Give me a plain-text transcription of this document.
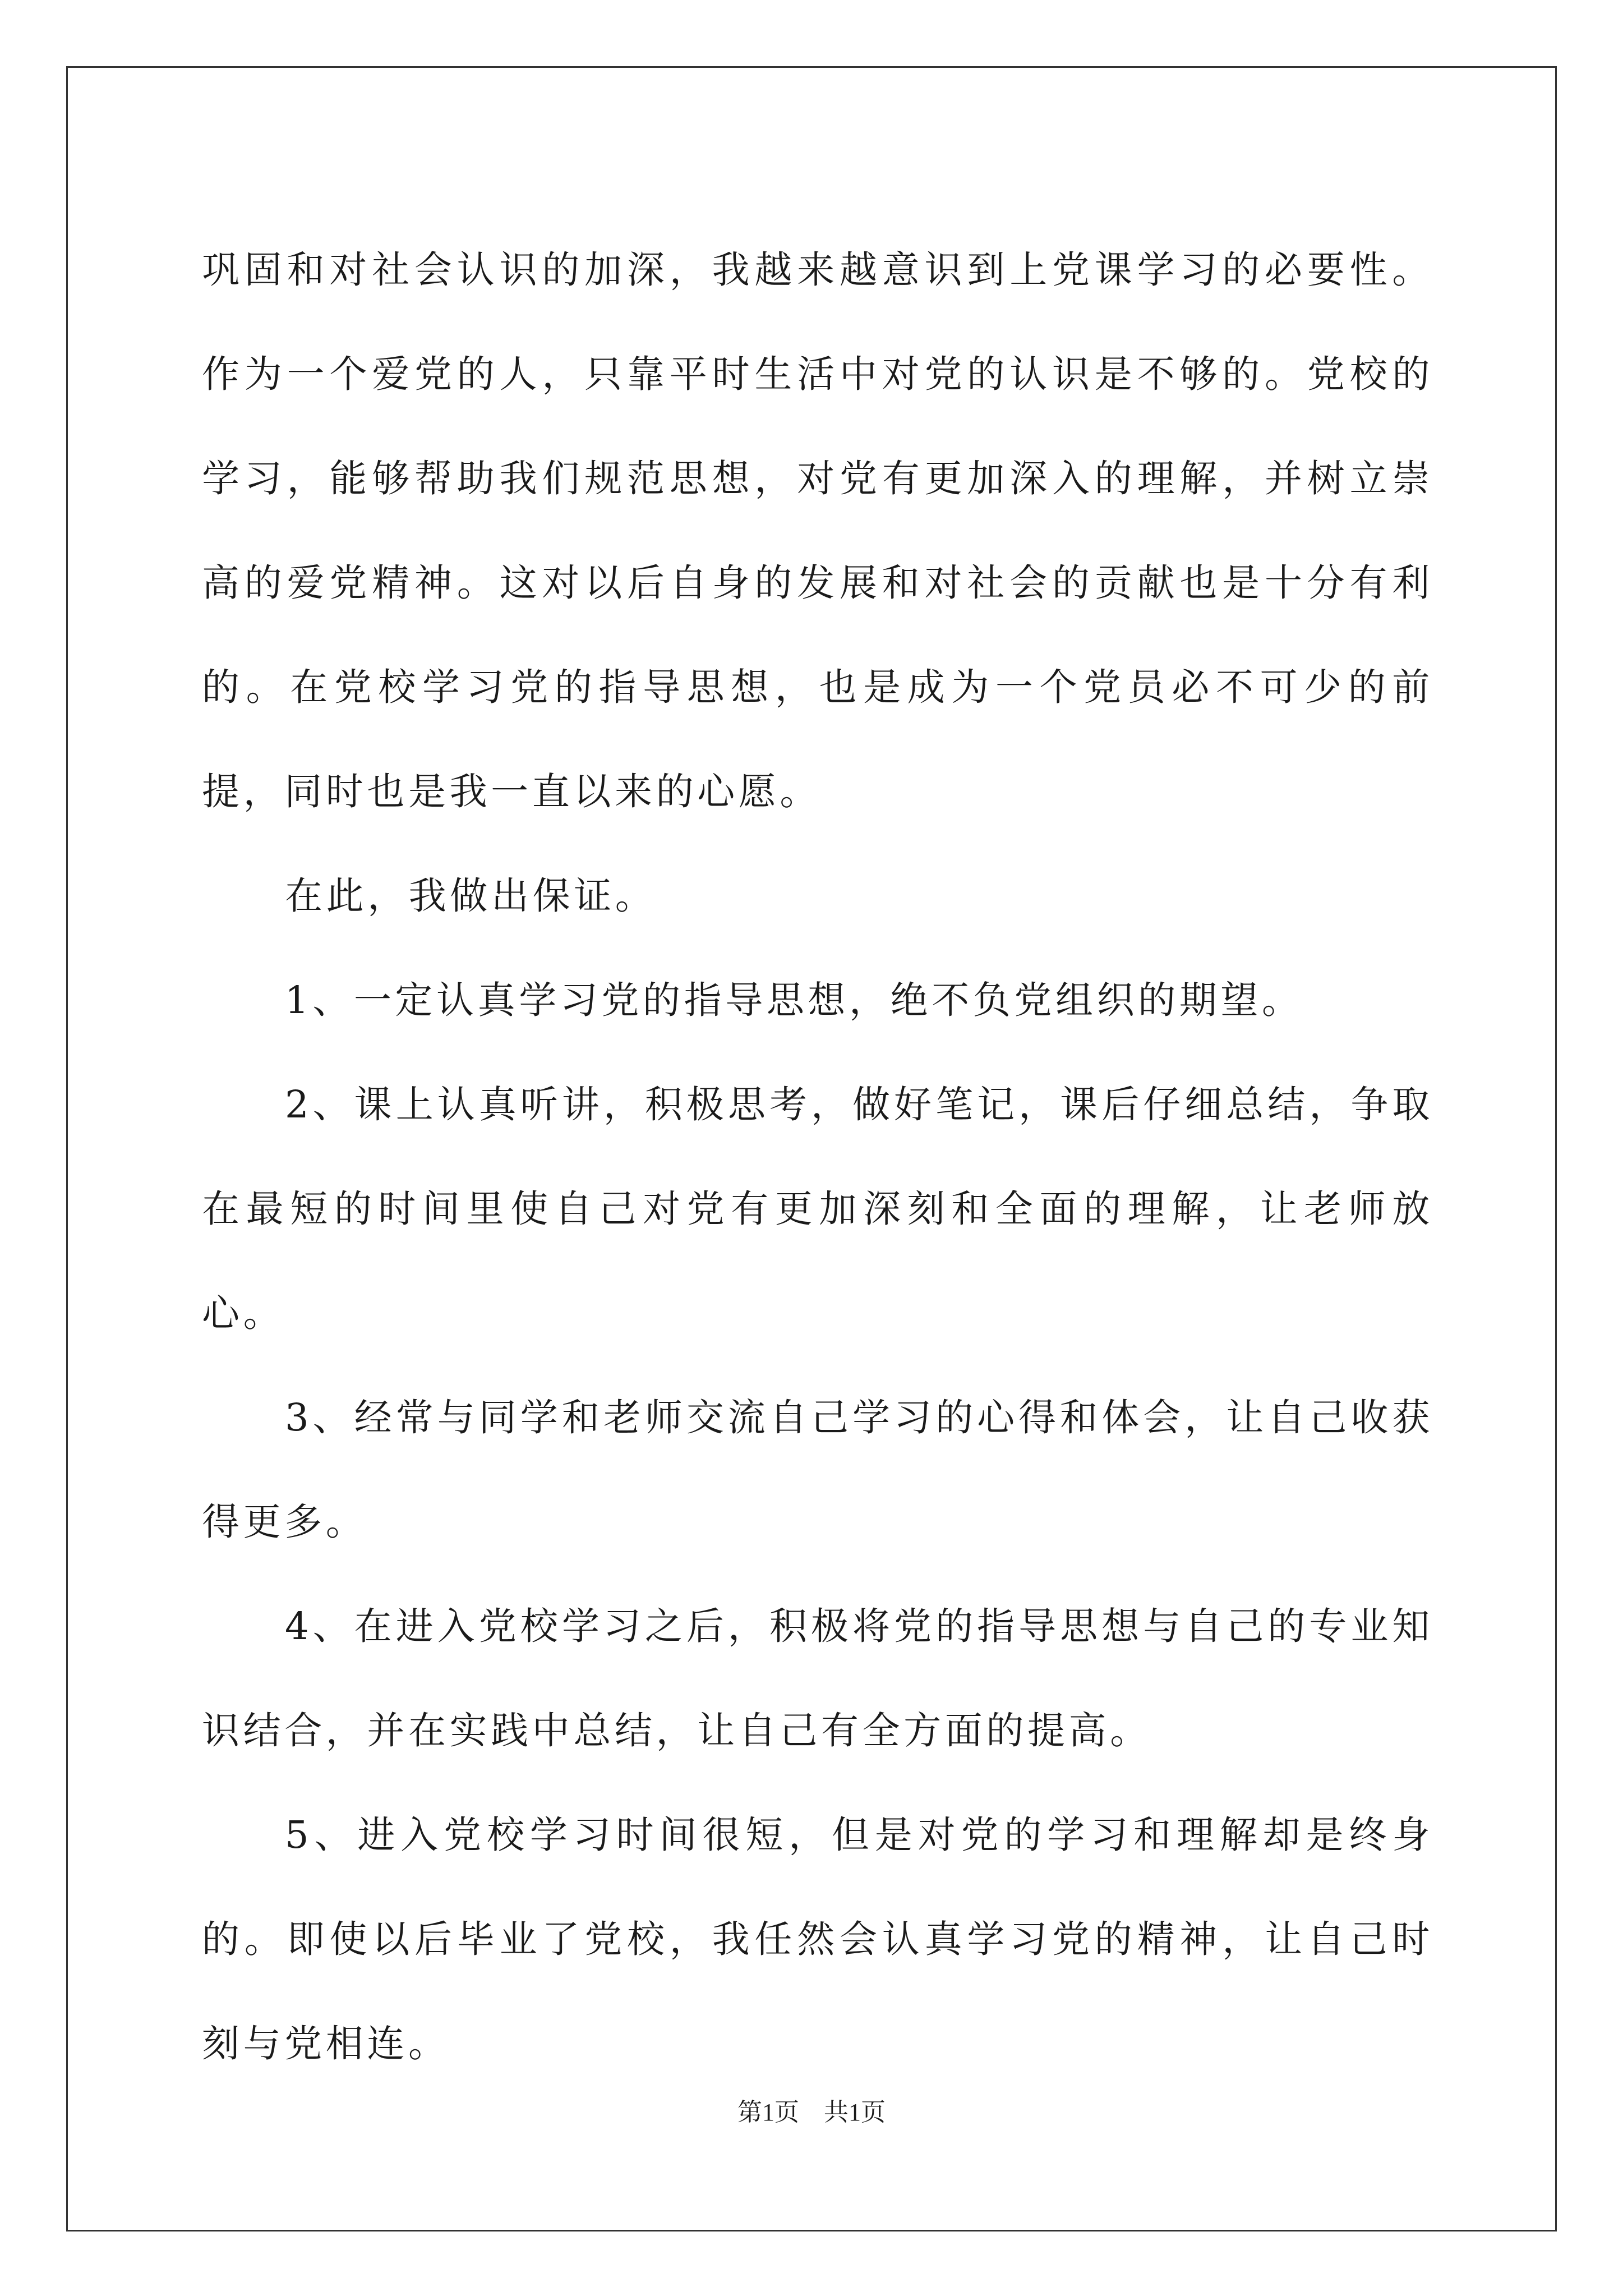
巩固和对社会认识的加深，我越来越意识到上党课学习的必要性。作为一个爱党的人，只靠平时生活中对党的认识是不够的。党校的学习，能够帮助我们规范思想，对党有更加深入的理解，并树立崇高的爱党精神。这对以后自身的发展和对社会的贡献也是十分有利的。在党校学习党的指导思想，也是成为一个党员必不可少的前提，同时也是我一直以来的心愿。

在此，我做出保证。

1、一定认真学习党的指导思想，绝不负党组织的期望。

2、课上认真听讲，积极思考，做好笔记，课后仔细总结，争取在最短的时间里使自己对党有更加深刻和全面的理解，让老师放心。

3、经常与同学和老师交流自己学习的心得和体会，让自己收获得更多。

4、在进入党校学习之后，积极将党的指导思想与自己的专业知识结合，并在实践中总结，让自己有全方面的提高。

5、进入党校学习时间很短，但是对党的学习和理解却是终身的。即使以后毕业了党校，我任然会认真学习党的精神，让自己时刻与党相连。

第1页 共1页
